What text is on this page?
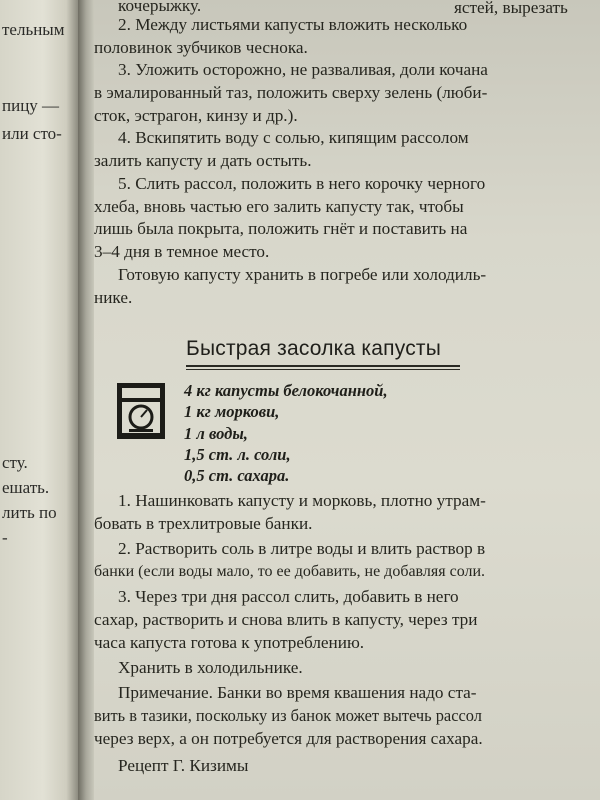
тельным
пицу —
или сто-
сту.
ешать.
лить по
-
кочерыжку.	ястей, вырезать
2. Между листьями капусты вложить несколько
половинок зубчиков чеснока.
3. Уложить осторожно, не разваливая, доли кочана
в эмалированный таз, положить сверху зелень (люби-
сток, эстрагон, кинзу и др.).
4. Вскипятить воду с солью, кипящим рассолом
залить капусту и дать остыть.
5. Слить рассол, положить в него корочку черного
хлеба, вновь частью его залить капусту так, чтобы
лишь была покрыта, положить гнёт и поставить на
3–4 дня в темное место.
Готовую капусту хранить в погребе или холодиль-
нике.
Быстрая засолка капусты
4 кг капусты белокочанной,
1 кг моркови,
1 л воды,
1,5 ст. л. соли,
0,5 ст. сахара.
1. Нашинковать капусту и морковь, плотно утрам-
бовать в трехлитровые банки.
2. Растворить соль в литре воды и влить раствор в
банки (если воды мало, то ее добавить, не добавляя соли.
3. Через три дня рассол слить, добавить в него
сахар, растворить и снова влить в капусту, через три
часа капуста готова к употреблению.
Хранить в холодильнике.
Примечание. Банки во время квашения надо ста-
вить в тазики, поскольку из банок может вытечь рассол
через верх, а он потребуется для растворения сахара.
Рецепт Г. Кизимы
